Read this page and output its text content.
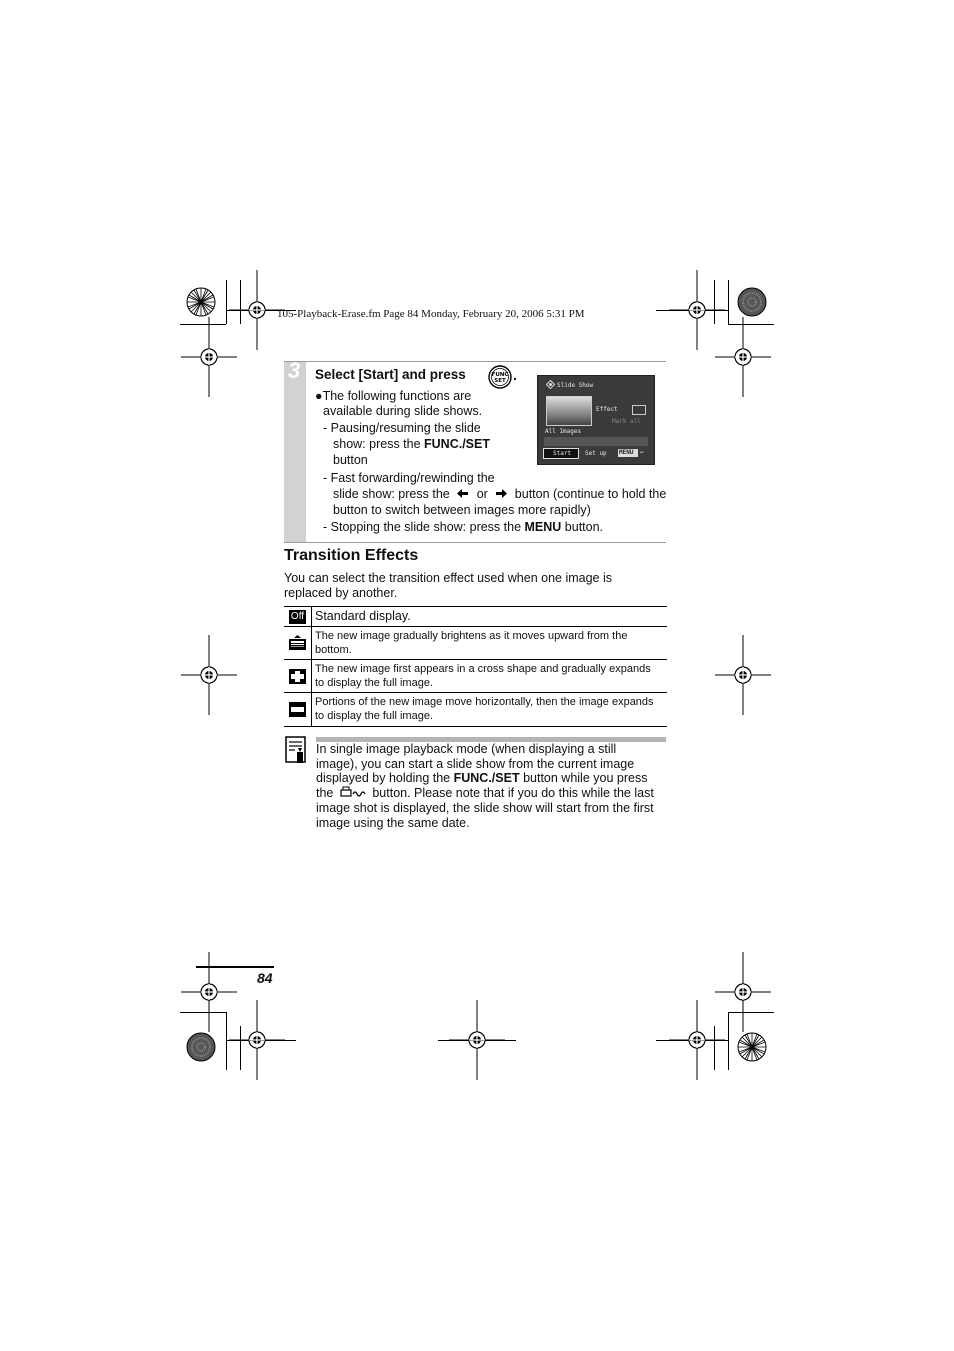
105-Playback-Erase.fm Page 84 Monday, February 20, 2006 5:31 PM
3 Select [Start] and press	FUNC
SET .
●The following functions are
available during slide shows.
- Pausing/resuming the slide
show: press the FUNC./SET
button
- Fast forwarding/rewinding the
slide show: press the or button (continue to hold the
button to switch between images more rapidly)
- Stopping the slide show: press the MENU button.
Slide Show
Effect
Mark all
All Images
Start Set up MENU ↩
Transition Effects
You can select the transition effect used when one image is
replaced by another.
Off Standard display.
The new image gradually brightens as it moves upward from the
bottom.
The new image first appears in a cross shape and gradually expands
to display the full image.
Portions of the new image move horizontally, then the image expands
to display the full image.
In single image playback mode (when displaying a still
image), you can start a slide show from the current image
displayed by holding the FUNC./SET button while you press
the	button. Please note that if you do this while the last
image shot is displayed, the slide show will start from the first
image using the same date.
84
